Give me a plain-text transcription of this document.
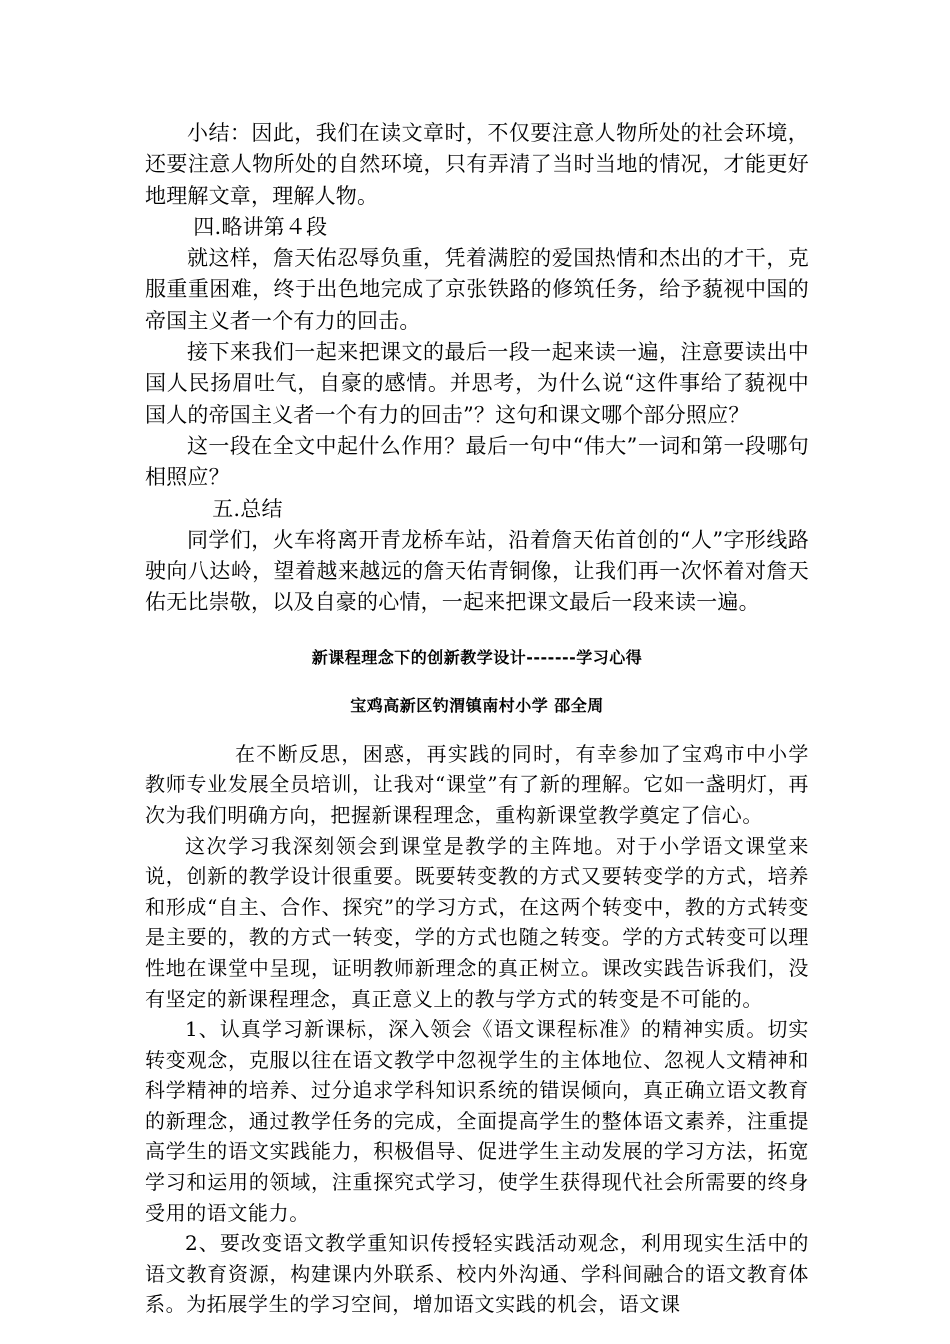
小结：因此，我们在读文章时，不仅要注意人物所处的社会环境，还要注意人物所处的自然环境，只有弄清了当时当地的情况，才能更好地理解文章，理解人物。

四.略讲第４段

就这样，詹天佑忍辱负重，凭着满腔的爱国热情和杰出的才干，克服重重困难，终于出色地完成了京张铁路的修筑任务，给予藐视中国的帝国主义者一个有力的回击。

接下来我们一起来把课文的最后一段一起来读一遍，注意要读出中国人民扬眉吐气，自豪的感情。并思考，为什么说“这件事给了藐视中国人的帝国主义者一个有力的回击”？这句和课文哪个部分照应？

这一段在全文中起什么作用？最后一句中“伟大”一词和第一段哪句相照应？

五.总结

同学们，火车将离开青龙桥车站，沿着詹天佑首创的“人”字形线路驶向八达岭，望着越来越远的詹天佑青铜像，让我们再一次怀着对詹天佑无比崇敬，以及自豪的心情，一起来把课文最后一段来读一遍。

新课程理念下的创新教学设计-------学习心得
宝鸡高新区钓渭镇南村小学 邵全周

在不断反思，困惑，再实践的同时，有幸参加了宝鸡市中小学教师专业发展全员培训，让我对“课堂”有了新的理解。它如一盏明灯，再次为我们明确方向，把握新课程理念，重构新课堂教学奠定了信心。

这次学习我深刻领会到课堂是教学的主阵地。对于小学语文课堂来说，创新的教学设计很重要。既要转变教的方式又要转变学的方式，培养和形成“自主、合作、探究”的学习方式，在这两个转变中，教的方式转变是主要的，教的方式一转变，学的方式也随之转变。学的方式转变可以理性地在课堂中呈现，证明教师新理念的真正树立。课改实践告诉我们，没有坚定的新课程理念，真正意义上的教与学方式的转变是不可能的。

1、认真学习新课标，深入领会《语文课程标准》的精神实质。切实转变观念，克服以往在语文教学中忽视学生的主体地位、忽视人文精神和科学精神的培养、过分追求学科知识系统的错误倾向，真正确立语文教育的新理念，通过教学任务的完成，全面提高学生的整体语文素养，注重提高学生的语文实践能力，积极倡导、促进学生主动发展的学习方法，拓宽学习和运用的领域，注重探究式学习，使学生获得现代社会所需要的终身受用的语文能力。

2、要改变语文教学重知识传授轻实践活动观念，利用现实生活中的语文教育资源，构建课内外联系、校内外沟通、学科间融合的语文教育体系。为拓展学生的学习空间，增加语文实践的机会，语文课
